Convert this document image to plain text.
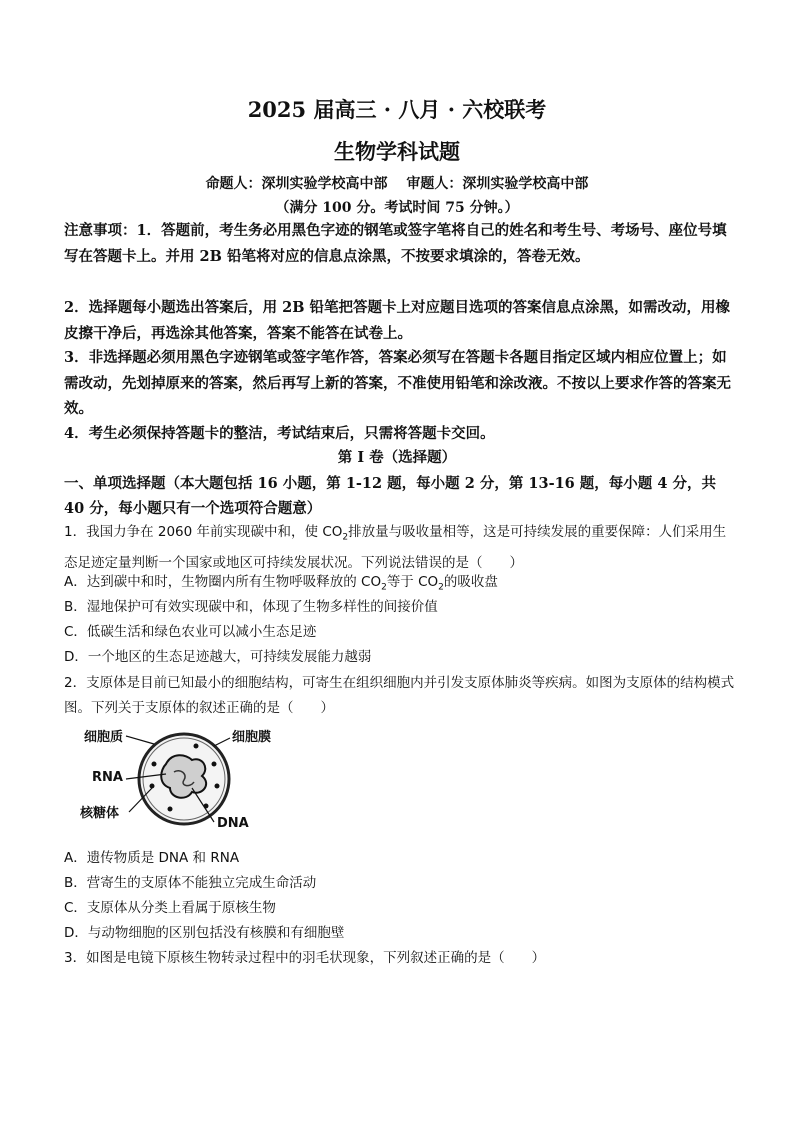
2025 届高三 · 八月 · 六校联考
生物学科试题
命题人：深圳实验学校高中部　 审题人：深圳实验学校高中部
（满分 100 分。考试时间 75 分钟。）
注意事项：1．答题前，考生务必用黑色字迹的钢笔或签字笔将自己的姓名和考生号、考场号、座位号填写在答题卡上。并用 2B 铅笔将对应的信息点涂黑，不按要求填涂的，答卷无效。
2．选择题每小题选出答案后，用 2B 铅笔把答题卡上对应题目选项的答案信息点涂黑，如需改动，用橡皮擦干净后，再选涂其他答案，答案不能答在试卷上。
3．非选择题必须用黑色字迹钢笔或签字笔作答，答案必须写在答题卡各题目指定区域内相应位置上；如需改动，先划掉原来的答案，然后再写上新的答案，不准使用铅笔和涂改液。不按以上要求作答的答案无效。
4．考生必须保持答题卡的整洁，考试结束后，只需将答题卡交回。
第 Ⅰ 卷（选择题）
一、单项选择题（本大题包括 16 小题，第 1-12 题，每小题 2 分，第 13-16 题，每小题 4 分，共 40 分，每小题只有一个选项符合题意）
1．我国力争在 2060 年前实现碳中和，使 $CO_2$排放量与吸收量相等，这是可持续发展的重要保障：人们采用生态足迹定量判断一个国家或地区可持续发展状况。下列说法错误的是（　　）
A．达到碳中和时，生物圈内所有生物呼吸释放的 $CO_2$等于 $CO_2$的吸收盘
B．湿地保护可有效实现碳中和，体现了生物多样性的间接价值
C．低碳生活和绿色农业可以减小生态足迹
D．一个地区的生态足迹越大，可持续发展能力越弱
2．支原体是目前已知最小的细胞结构，可寄生在组织细胞内并引发支原体肺炎等疾病。如图为支原体的结构模式图。下列关于支原体的叙述正确的是（　　）
细胞质	细胞膜
RNA
核糖体
DNA
A．遗传物质是 DNA 和 RNA
B．营寄生的支原体不能独立完成生命活动
C．支原体从分类上看属于原核生物
D．与动物细胞的区别包括没有核膜和有细胞壁
3．如图是电镜下原核生物转录过程中的羽毛状现象，下列叙述正确的是（　　）
